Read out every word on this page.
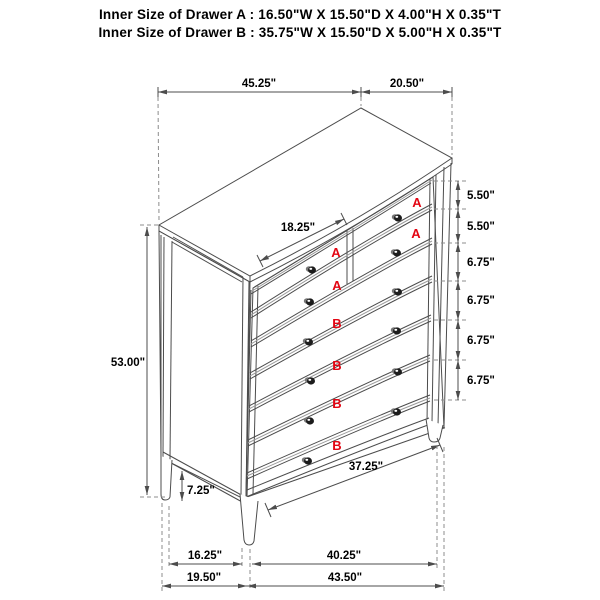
Inner Size of Drawer A : 16.50"W X 15.50"D X 4.00"H X 0.35"T
Inner Size of Drawer B : 35.75"W X 15.50"D X 5.00"H X 0.35"T
A
A
A
A
B
B
B
B
45.25"	20.50"
5.50"
5.50"
6.75"
6.75"
6.75"
6.75"
53.00"
7.25"
18.25"
37.25"
16.25"	40.25"
19.50"	43.50"
